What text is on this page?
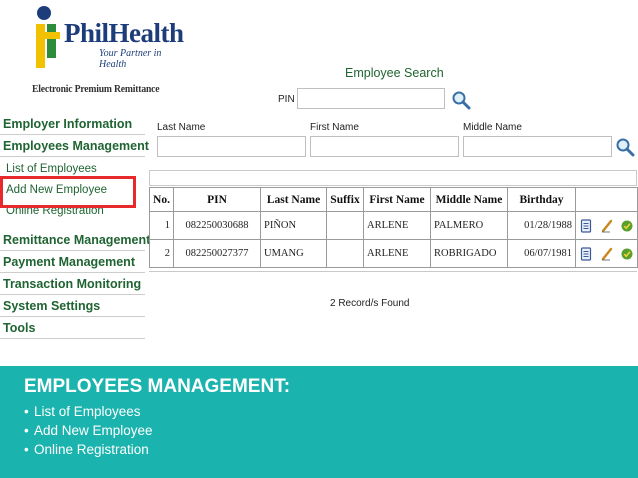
PhilHealth
Your Partner in Health
Electronic Premium Remittance
Employer Information
Employees Management
List of Employees
Add New Employee
Online Registration
Remittance Management
Payment Management
Transaction Monitoring
System Settings
Tools
Employee Search
PIN
Last Name	First Name	Middle Name
No.	PIN	Last Name	Suffix	First Name	Middle Name	Birthday	
1	082250030688	PIÑON		ARLENE	PALMERO	01/28/1988	

2	082250027377	UMANG		ARLENE	ROBRIGADO	06/07/1981	

2 Record/s Found
EMPLOYEES MANAGEMENT:
• List of Employees
• Add New Employee
• Online Registration
